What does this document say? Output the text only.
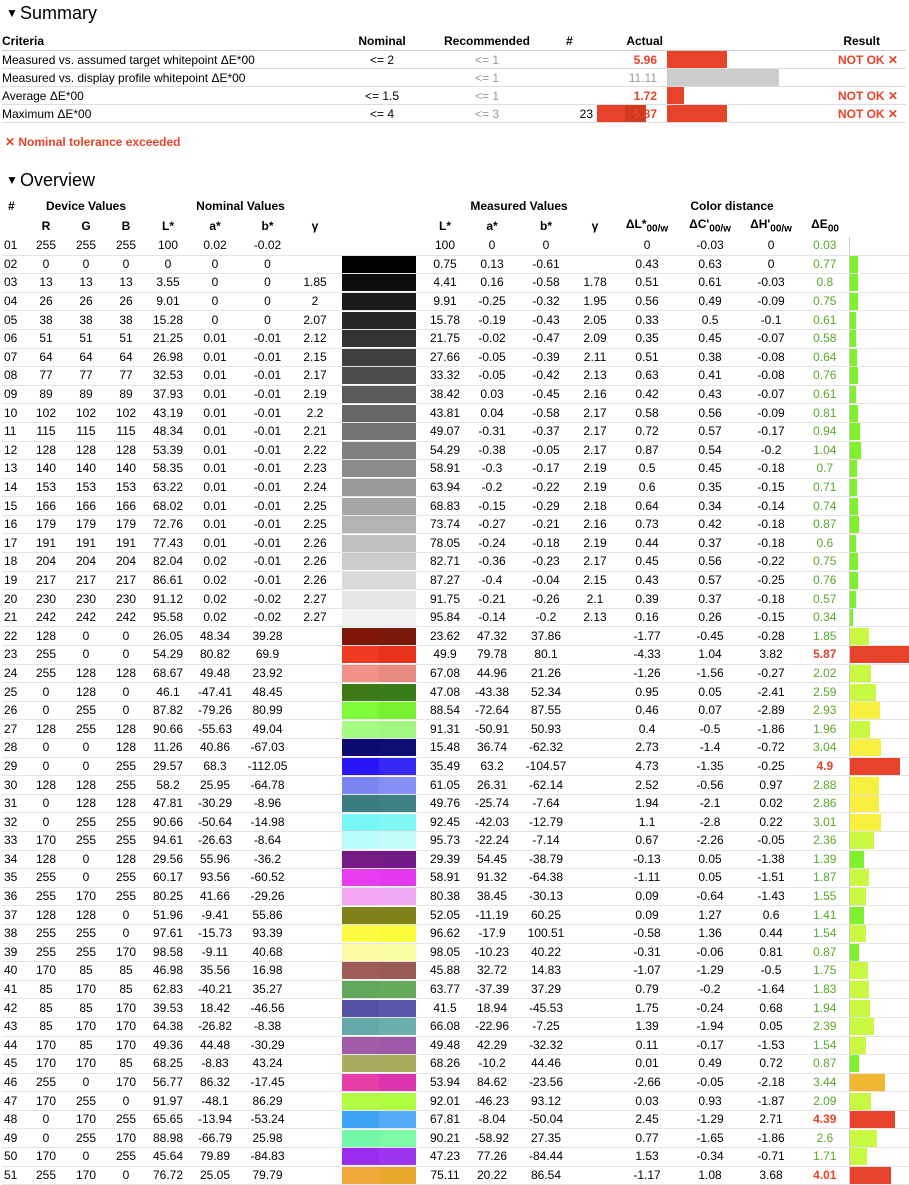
▼ Summary
Criteria	Nominal	Recommended	#	Actual		Result
Measured vs. assumed target whitepoint ΔE*00	<= 2	<= 1		5.96		NOT OK ✕
Measured vs. display profile whitepoint ΔE*00		<= 1		11.11	

Average ΔE*00	<= 1.5	<= 1		1.72		NOT OK ✕
Maximum ΔE*00	<= 4	<= 3	23	5.87		NOT OK ✕
✕ Nominal tolerance exceeded
▼ Overview
#	Device Values			Nominal Values					Measured Values				Color distance				
	R	G	B	L*	a*	b*	γ		L*	a*	b*	γ	$\Delta L*_{00/w}$	$\Delta C'_{00/w}$	$\Delta H'_{00/w}$	$\Delta E_{00}$	
01	255	255	255	100	0.02	-0.02			100	0	0		0	-0.03	0	0.03	

02	0	0	0	0	0	0			0.75	0.13	-0.61		0.43	0.63	0	0.77	

03	13	13	13	3.55	0	0	1.85		4.41	0.16	-0.58	1.78	0.51	0.61	-0.03	0.8	

04	26	26	26	9.01	0	0	2		9.91	-0.25	-0.32	1.95	0.56	0.49	-0.09	0.75	

05	38	38	38	15.28	0	0	2.07		15.78	-0.19	-0.43	2.05	0.33	0.5	-0.1	0.61	

06	51	51	51	21.25	0.01	-0.01	2.12		21.75	-0.02	-0.47	2.09	0.35	0.45	-0.07	0.58	

07	64	64	64	26.98	0.01	-0.01	2.15		27.66	-0.05	-0.39	2.11	0.51	0.38	-0.08	0.64	

08	77	77	77	32.53	0.01	-0.01	2.17		33.32	-0.05	-0.42	2.13	0.63	0.41	-0.08	0.76	

09	89	89	89	37.93	0.01	-0.01	2.19		38.42	0.03	-0.45	2.16	0.42	0.43	-0.07	0.61	

10	102	102	102	43.19	0.01	-0.01	2.2		43.81	0.04	-0.58	2.17	0.58	0.56	-0.09	0.81	

11	115	115	115	48.34	0.01	-0.01	2.21		49.07	-0.31	-0.37	2.17	0.72	0.57	-0.17	0.94	

12	128	128	128	53.39	0.01	-0.01	2.22		54.29	-0.38	-0.05	2.17	0.87	0.54	-0.2	1.04	

13	140	140	140	58.35	0.01	-0.01	2.23		58.91	-0.3	-0.17	2.19	0.5	0.45	-0.18	0.7	

14	153	153	153	63.22	0.01	-0.01	2.24		63.94	-0.2	-0.22	2.19	0.6	0.35	-0.15	0.71	

15	166	166	166	68.02	0.01	-0.01	2.25		68.83	-0.15	-0.29	2.18	0.64	0.34	-0.14	0.74	

16	179	179	179	72.76	0.01	-0.01	2.25		73.74	-0.27	-0.21	2.16	0.73	0.42	-0.18	0.87	

17	191	191	191	77.43	0.01	-0.01	2.26		78.05	-0.24	-0.18	2.19	0.44	0.37	-0.18	0.6	

18	204	204	204	82.04	0.02	-0.01	2.26		82.71	-0.36	-0.23	2.17	0.45	0.56	-0.22	0.75	

19	217	217	217	86.61	0.02	-0.01	2.26		87.27	-0.4	-0.04	2.15	0.43	0.57	-0.25	0.76	

20	230	230	230	91.12	0.02	-0.02	2.27		91.75	-0.21	-0.26	2.1	0.39	0.37	-0.18	0.57	

21	242	242	242	95.58	0.02	-0.02	2.27		95.84	-0.14	-0.2	2.13	0.16	0.26	-0.15	0.34	

22	128	0	0	26.05	48.34	39.28			23.62	47.32	37.86		-1.77	-0.45	-0.28	1.85	

23	255	0	0	54.29	80.82	69.9			49.9	79.78	80.1		-4.33	1.04	3.82	5.87	

24	255	128	128	68.67	49.48	23.92			67.08	44.96	21.26		-1.26	-1.56	-0.27	2.02	

25	0	128	0	46.1	-47.41	48.45			47.08	-43.38	52.34		0.95	0.05	-2.41	2.59	

26	0	255	0	87.82	-79.26	80.99			88.54	-72.64	87.55		0.46	0.07	-2.89	2.93	

27	128	255	128	90.66	-55.63	49.04			91.31	-50.91	50.93		0.4	-0.5	-1.86	1.96	

28	0	0	128	11.26	40.86	-67.03			15.48	36.74	-62.32		2.73	-1.4	-0.72	3.04	

29	0	0	255	29.57	68.3	-112.05			35.49	63.2	-104.57		4.73	-1.35	-0.25	4.9	

30	128	128	255	58.2	25.95	-64.78			61.05	26.31	-62.14		2.52	-0.56	0.97	2.88	

31	0	128	128	47.81	-30.29	-8.96			49.76	-25.74	-7.64		1.94	-2.1	0.02	2.86	

32	0	255	255	90.66	-50.64	-14.98			92.45	-42.03	-12.79		1.1	-2.8	0.22	3.01	

33	170	255	255	94.61	-26.63	-8.64			95.73	-22.24	-7.14		0.67	-2.26	-0.05	2.36	

34	128	0	128	29.56	55.96	-36.2			29.39	54.45	-38.79		-0.13	0.05	-1.38	1.39	

35	255	0	255	60.17	93.56	-60.52			58.91	91.32	-64.38		-1.11	0.05	-1.51	1.87	

36	255	170	255	80.25	41.66	-29.26			80.38	38.45	-30.13		0.09	-0.64	-1.43	1.55	

37	128	128	0	51.96	-9.41	55.86			52.05	-11.19	60.25		0.09	1.27	0.6	1.41	

38	255	255	0	97.61	-15.73	93.39			96.62	-17.9	100.51		-0.58	1.36	0.44	1.54	

39	255	255	170	98.58	-9.11	40.68			98.05	-10.23	40.22		-0.31	-0.06	0.81	0.87	

40	170	85	85	46.98	35.56	16.98			45.88	32.72	14.83		-1.07	-1.29	-0.5	1.75	

41	85	170	85	62.83	-40.21	35.27			63.77	-37.39	37.29		0.79	-0.2	-1.64	1.83	

42	85	85	170	39.53	18.42	-46.56			41.5	18.94	-45.53		1.75	-0.24	0.68	1.94	

43	85	170	170	64.38	-26.82	-8.38			66.08	-22.96	-7.25		1.39	-1.94	0.05	2.39	

44	170	85	170	49.36	44.48	-30.29			49.48	42.29	-32.32		0.11	-0.17	-1.53	1.54	

45	170	170	85	68.25	-8.83	43.24			68.26	-10.2	44.46		0.01	0.49	0.72	0.87	

46	255	0	170	56.77	86.32	-17.45			53.94	84.62	-23.56		-2.66	-0.05	-2.18	3.44	

47	170	255	0	91.97	-48.1	86.29			92.01	-46.23	93.12		0.03	0.93	-1.87	2.09	

48	0	170	255	65.65	-13.94	-53.24			67.81	-8.04	-50.04		2.45	-1.29	2.71	4.39	

49	0	255	170	88.98	-66.79	25.98			90.21	-58.92	27.35		0.77	-1.65	-1.86	2.6	

50	170	0	255	45.64	79.89	-84.83			47.23	77.26	-84.44		1.53	-0.34	-0.71	1.71	

51	255	170	0	76.72	25.05	79.79			75.11	20.22	86.54		-1.17	1.08	3.68	4.01	
